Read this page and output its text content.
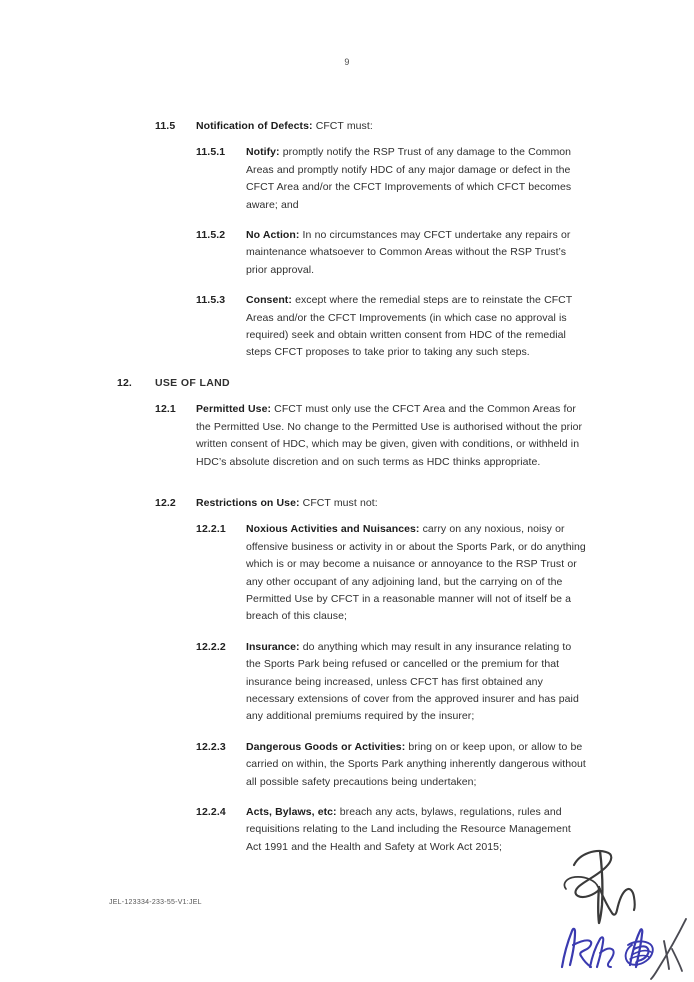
9
11.5	Notification of Defects: CFCT must:
11.5.1	Notify: promptly notify the RSP Trust of any damage to the Common Areas and promptly notify HDC of any major damage or defect in the CFCT Area and/or the CFCT Improvements of which CFCT becomes aware; and
11.5.2	No Action: In no circumstances may CFCT undertake any repairs or maintenance whatsoever to Common Areas without the RSP Trust’s prior approval.
11.5.3	Consent: except where the remedial steps are to reinstate the CFCT Areas and/or the CFCT Improvements (in which case no approval is required) seek and obtain written consent from HDC of the remedial steps CFCT proposes to take prior to taking any such steps.
12.	USE OF LAND
12.1	Permitted Use: CFCT must only use the CFCT Area and the Common Areas for the Permitted Use. No change to the Permitted Use is authorised without the prior written consent of HDC, which may be given, given with conditions, or withheld in HDC’s absolute discretion and on such terms as HDC thinks appropriate.
12.2	Restrictions on Use: CFCT must not:
12.2.1	Noxious Activities and Nuisances: carry on any noxious, noisy or offensive business or activity in or about the Sports Park, or do anything which is or may become a nuisance or annoyance to the RSP Trust or any other occupant of any adjoining land, but the carrying on of the Permitted Use by CFCT in a reasonable manner will not of itself be a breach of this clause;
12.2.2	Insurance: do anything which may result in any insurance relating to the Sports Park being refused or cancelled or the premium for that insurance being increased, unless CFCT has first obtained any necessary extensions of cover from the approved insurer and has paid any additional premiums required by the insurer;
12.2.3	Dangerous Goods or Activities: bring on or keep upon, or allow to be carried on within, the Sports Park anything inherently dangerous without all possible safety precautions being undertaken;
12.2.4	Acts, Bylaws, etc: breach any acts, bylaws, regulations, rules and requisitions relating to the Land including the Resource Management Act 1991 and the Health and Safety at Work Act 2015;
JEL-123334-233-55-V1:JEL
